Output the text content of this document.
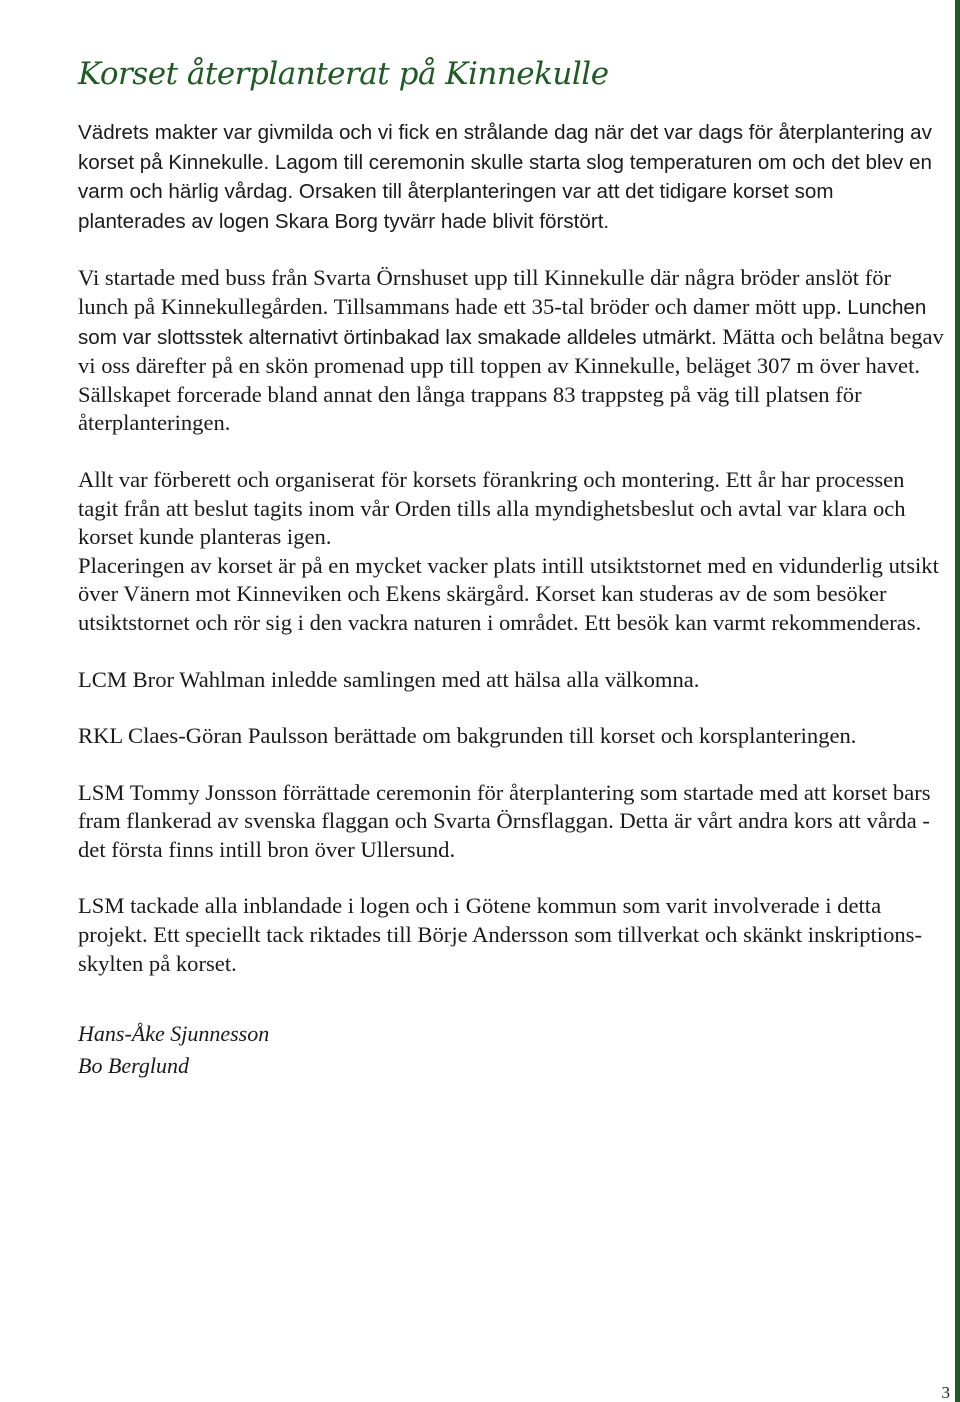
Korset återplanterat på Kinnekulle

Vädrets makter var givmilda och vi fick en strålande dag när det var dags för återplantering av korset på Kinnekulle. Lagom till ceremonin skulle starta slog temperaturen om och det blev en varm och härlig vårdag. Orsaken till återplanteringen var att det tidigare korset som planterades av logen Skara Borg tyvärr hade blivit förstört.

Vi startade med buss från Svarta Örnshuset upp till Kinnekulle där några bröder anslöt för lunch på Kinnekullegården. Tillsammans hade ett 35-tal bröder och damer mött upp. Lunchen som var slottsstek alternativt örtinbakad lax smakade alldeles utmärkt. Mätta och belåtna begav vi oss därefter på en skön promenad upp till toppen av Kinnekulle, beläget 307 m över havet. Sällskapet forcerade bland annat den långa trappans 83 trappsteg på väg till platsen för återplanteringen.

Allt var förberett och organiserat för korsets förankring och montering. Ett år har processen tagit från att beslut tagits inom vår Orden tills alla myndighetsbeslut och avtal var klara och korset kunde planteras igen.

Placeringen av korset är på en mycket vacker plats intill utsiktstornet med en vidunderlig utsikt över Vänern mot Kinneviken och Ekens skärgård. Korset kan studeras av de som besöker utsiktstornet och rör sig i den vackra naturen i området. Ett besök kan varmt rekommenderas.

LCM Bror Wahlman inledde samlingen med att hälsa alla välkomna.

RKL Claes-Göran Paulsson berättade om bakgrunden till korset och korsplanteringen.

LSM Tommy Jonsson förrättade ceremonin för återplantering som startade med att korset bars fram flankerad av svenska flaggan och Svarta Örnsflaggan. Detta är vårt andra kors att vårda - det första finns intill bron över Ullersund.

LSM tackade alla inblandade i logen och i Götene kommun som varit involverade i detta projekt. Ett speciellt tack riktades till Börje Andersson som tillverkat och skänkt inskriptions-skylten på korset.

Hans-Åke Sjunnesson
Bo Berglund
3
